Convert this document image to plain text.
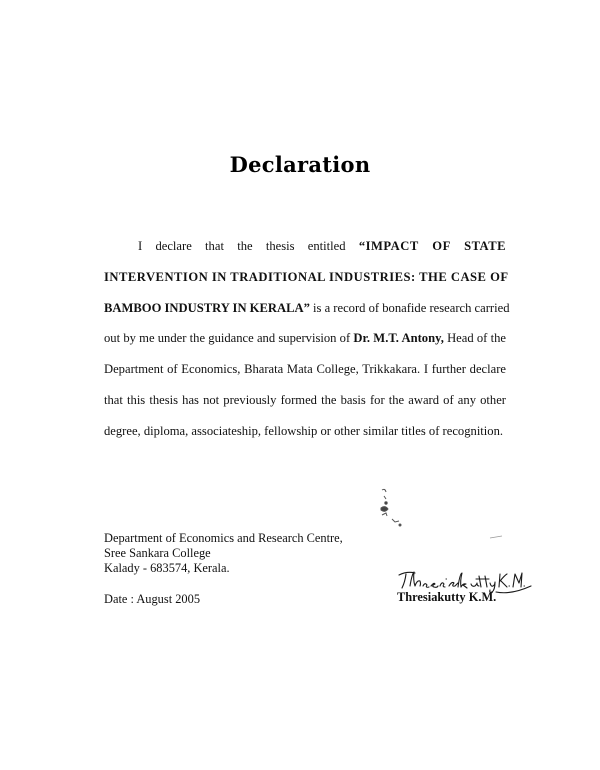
Declaration
I declare that the thesis entitled “IMPACT OF STATE
INTERVENTION IN TRADITIONAL INDUSTRIES: THE CASE OF
BAMBOO INDUSTRY IN KERALA” is a record of bonafide research carried
out by me under the guidance and supervision of Dr. M.T. Antony, Head of the
Department of Economics, Bharata Mata College, Trikkakara. I further declare
that this thesis has not previously formed the basis for the award of any other
degree, diploma, associateship, fellowship or other similar titles of recognition.
Department of Economics and Research Centre,
Sree Sankara College
Kalady - 683574, Kerala.
Date : August 2005	Thresiakutty K.M.
